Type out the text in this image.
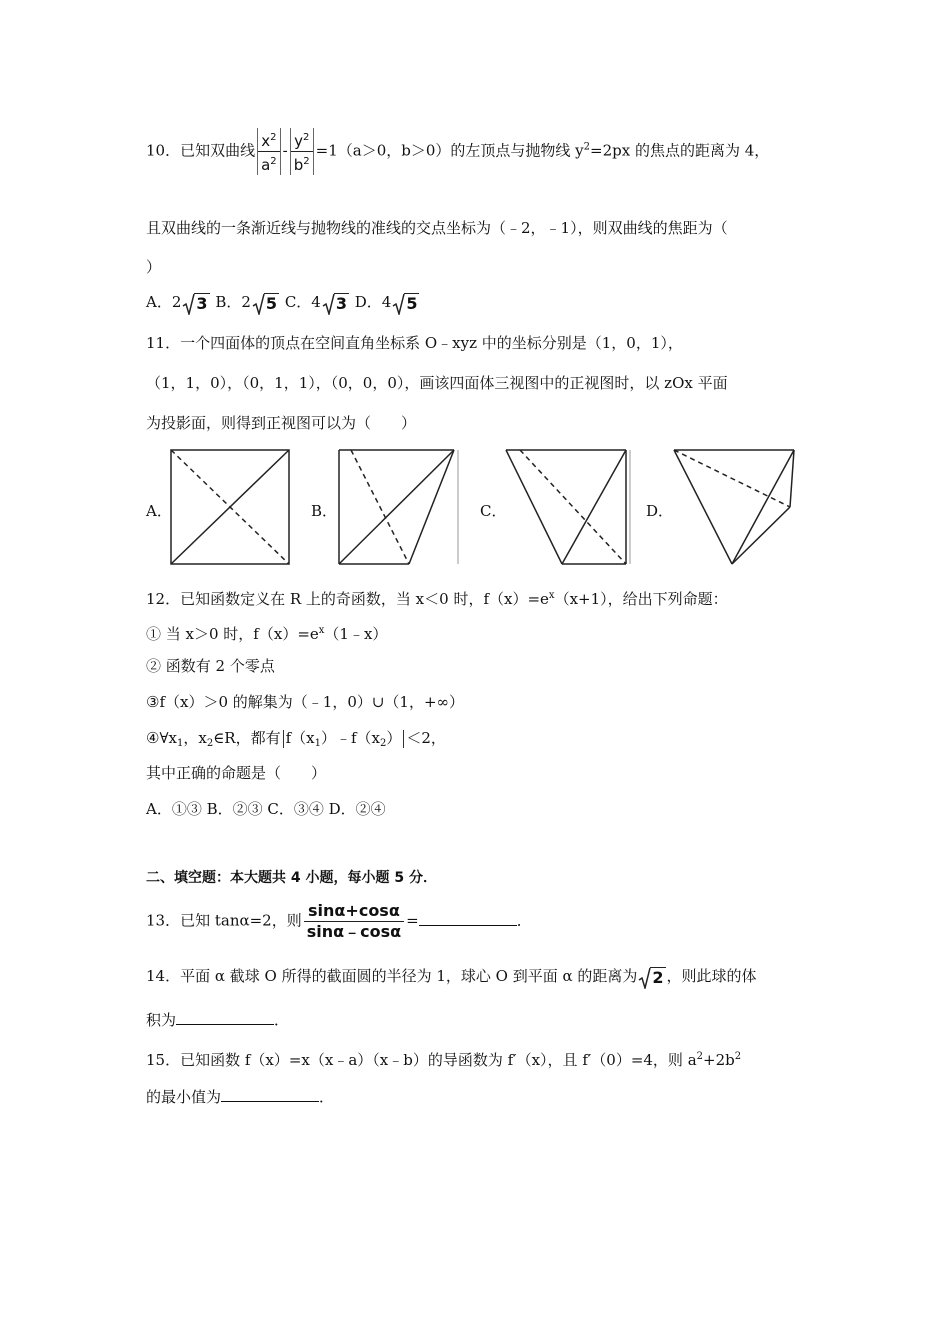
10．已知双曲线 $\frac{x^2}{a^2} - \frac{y^2}{b^2} =1(a>0$，b＞0）的左顶点与抛物线 $y^2=2px$ 的焦点的距离为 4，
且双曲线的一条渐近线与抛物线的准线的交点坐标为（﹣2，﹣1），则双曲线的焦距为（
）
A．2 3 B．2 5 C．4 3 D．4 5
11．一个四面体的顶点在空间直角坐标系 O﹣xyz 中的坐标分别是（1，0，1），
（1，1，0），（0，1，1），（0，0，0），画该四面体三视图中的正视图时，以 zOx 平面
为投影面，则得到正视图可以为（　　）
A．	B．	C．	D．
12．已知函数定义在 R 上的奇函数，当 x＜0 时，$f(x)=e^x(x+1)$，给出下列命题：
① 当 x＞0 时，$f(x)=e^x(1﹣x)$
② 函数有 2 个零点
③f（x）＞0 的解集为（﹣1，0）∪（1，+∞）
$④\forall x_1$，$x_2\in R$，都有 $f(x_1)﹣f(x_2) <2$，
其中正确的命题是（　　）
A．①③ B．②③ C．③④ D．②④
二、填空题：本大题共 4 小题，每小题 5 分．
13．已知 tanα=2，则 $\frac{\sin\alpha+\cos\alpha}{\sin\alpha﹣\cos\alpha}$ =	．
14．平面 α 截球 O 所得的截面圆的半径为 1，球心 O 到平面 α 的距离为 2 ，则此球的体
积为	．
15．已知函数 f（x）=x（x﹣a）（x﹣b）的导函数为 f′（x），且 f′（0）=4，则 $a^2+2b^2$
的最小值为	．
